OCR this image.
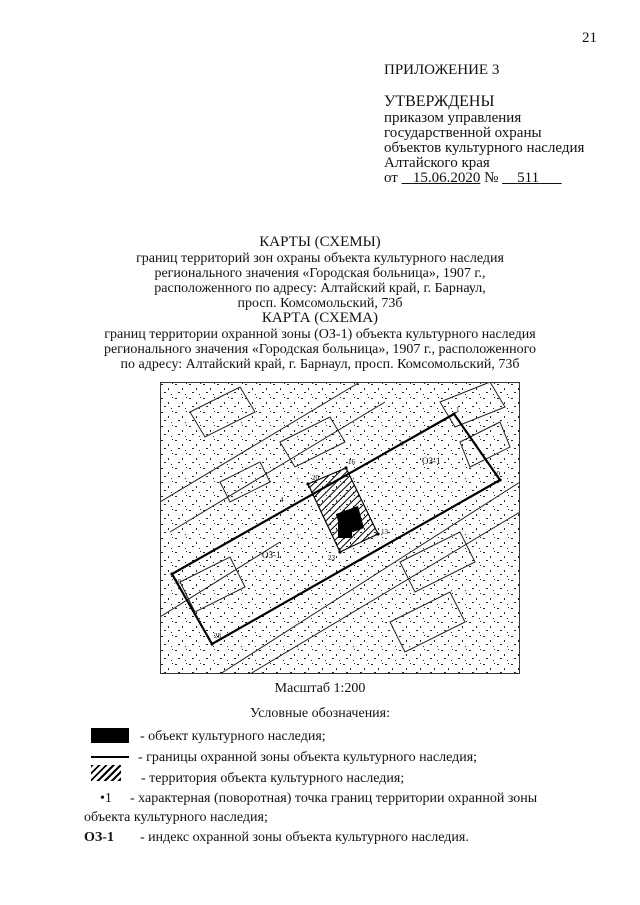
21
ПРИЛОЖЕНИЕ 3
УТВЕРЖДЕНЫ
приказом управления
государственной охраны
объектов культурного наследия
Алтайского края
от 15.06.2020 № 511
КАРТЫ (СХЕМЫ)
границ территорий зон охраны объекта культурного наследия
регионального значения «Городская больница», 1907 г.,
расположенного по адресу: Алтайский край, г. Барнаул,
просп. Комсомольский, 73б
КАРТА (СХЕМА)
границ территории охранной зоны (ОЗ-1) объекта культурного наследия
регионального значения «Городская больница», 1907 г., расположенного
по адресу: Алтайский край, г. Барнаул, просп. Комсомольский, 73б
ОЗ-1
ОЗ-1
1
10
20
16
13
23
30
28
4
6
Масштаб 1:200
Условные обозначения:
- объект культурного наследия;
- границы охранной зоны объекта культурного наследия;
- территория объекта культурного наследия;
•1 - характерная (поворотная) точка границ территории охранной зоны
объекта культурного наследия;
ОЗ-1 - индекс охранной зоны объекта культурного наследия.
